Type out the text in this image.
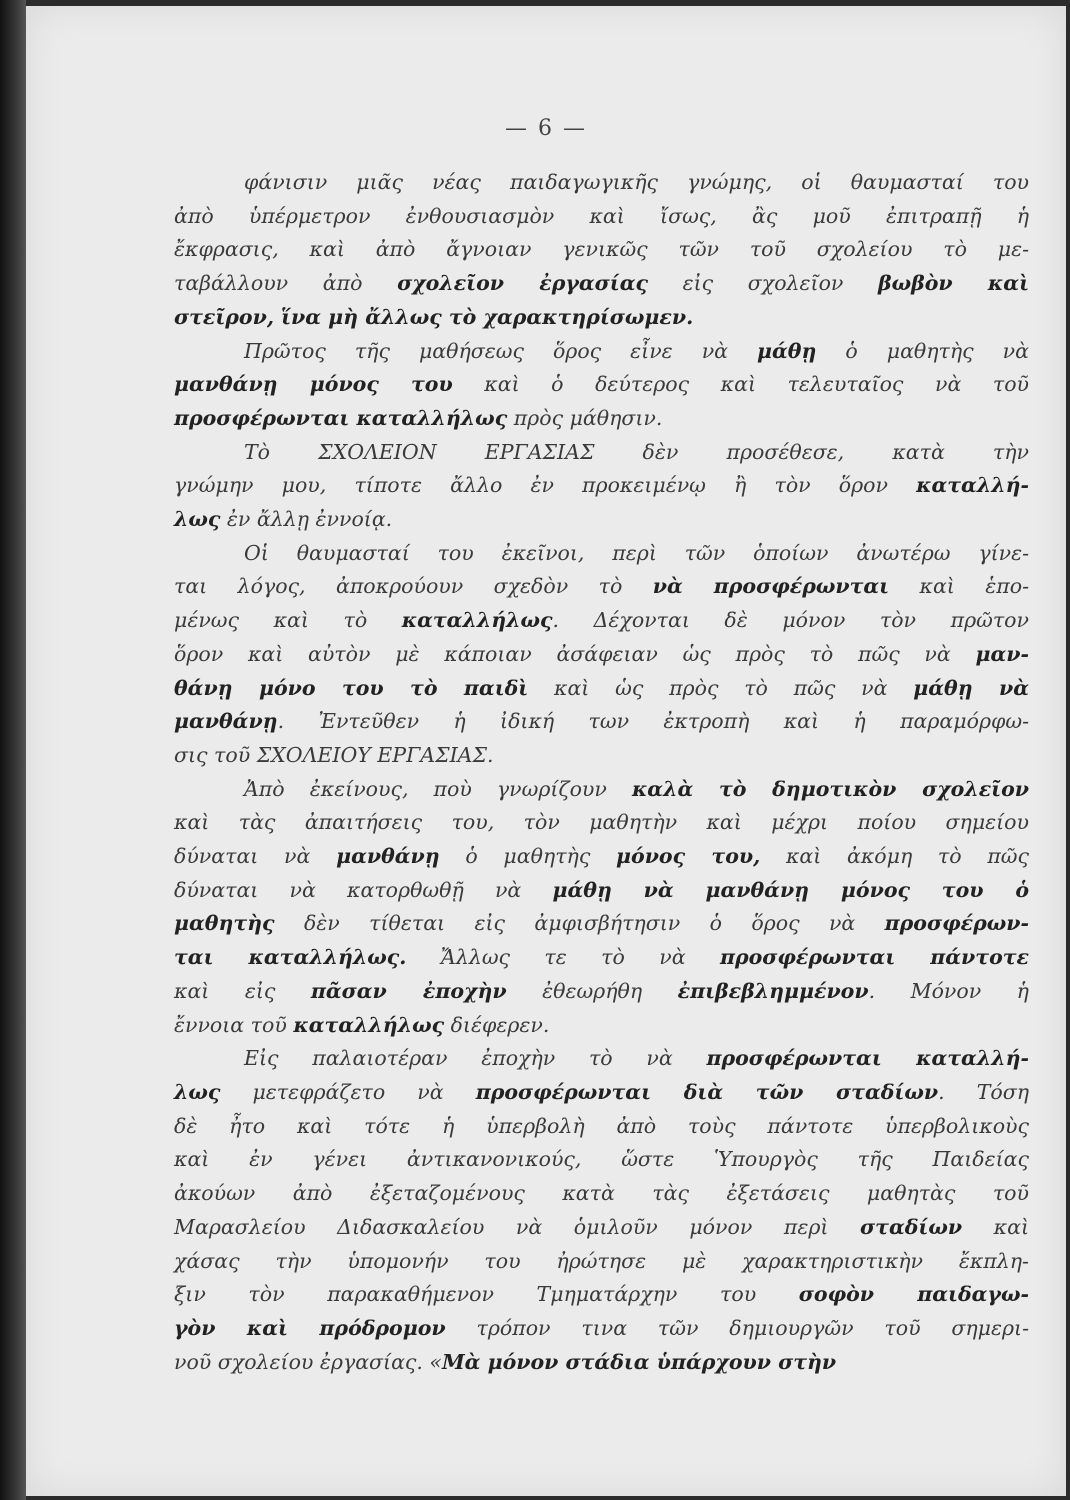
— 6 —
φάνισιν μιᾶς νέας παιδαγωγικῆς γνώμης, οἱ θαυμασταί του
ἀπὸ ὑπέρμετρον ἐνθουσιασμὸν καὶ ἴσως, ἂς μοῦ ἐπιτραπῇ ἡ
ἔκφρασις, καὶ ἀπὸ ἄγνοιαν γενικῶς τῶν τοῦ σχολείου τὸ με-
ταβάλλουν ἀπὸ σχολεῖον ἐργασίας εἰς σχολεῖον βωβὸν καὶ
στεῖρον, ἵνα μὴ ἄλλως τὸ χαρακτηρίσωμεν.
Πρῶτος τῆς μαθήσεως ὅρος εἶνε νὰ μάθῃ ὁ μαθητὴς νὰ
μανθάνῃ μόνος του καὶ ὁ δεύτερος καὶ τελευταῖος νὰ τοῦ
προσφέρωνται καταλλήλως πρὸς μάθησιν.
Τὸ ΣΧΟΛΕΙΟΝ ΕΡΓΑΣΙΑΣ δὲν προσέθεσε, κατὰ τὴν
γνώμην μου, τίποτε ἄλλο ἐν προκειμένῳ ἢ τὸν ὅρον καταλλή-
λως ἐν ἄλλῃ ἐννοίᾳ.
Οἱ θαυμασταί του ἐκεῖνοι, περὶ τῶν ὁποίων ἀνωτέρω γίνε-
ται λόγος, ἀποκρούουν σχεδὸν τὸ νὰ προσφέρωνται καὶ ἑπο-
μένως καὶ τὸ καταλλήλως. Δέχονται δὲ μόνον τὸν πρῶτον
ὅρον καὶ αὐτὸν μὲ κάποιαν ἀσάφειαν ὡς πρὸς τὸ πῶς νὰ μαν-
θάνῃ μόνο του τὸ παιδὶ καὶ ὡς πρὸς τὸ πῶς νὰ μάθῃ νὰ
μανθάνῃ. Ἐντεῦθεν ἡ ἰδική των ἐκτροπὴ καὶ ἡ παραμόρφω-
σις τοῦ ΣΧΟΛΕΙΟΥ ΕΡΓΑΣΙΑΣ.
Ἀπὸ ἐκείνους, ποὺ γνωρίζουν καλὰ τὸ δημοτικὸν σχολεῖον
καὶ τὰς ἀπαιτήσεις του, τὸν μαθητὴν καὶ μέχρι ποίου σημείου
δύναται νὰ μανθάνῃ ὁ μαθητὴς μόνος του, καὶ ἀκόμη τὸ πῶς
δύναται νὰ κατορθωθῇ νὰ μάθῃ νὰ μανθάνῃ μόνος του ὁ
μαθητὴς δὲν τίθεται εἰς ἀμφισβήτησιν ὁ ὅρος νὰ προσφέρων-
ται καταλλήλως. Ἄλλως τε τὸ νὰ προσφέρωνται πάντοτε
καὶ εἰς πᾶσαν ἐποχὴν ἐθεωρήθη ἐπιβεβλημμένον. Μόνον ἡ
ἔννοια τοῦ καταλλήλως διέφερεν.
Εἰς παλαιοτέραν ἐποχὴν τὸ νὰ προσφέρωνται καταλλή-
λως μετεφράζετο νὰ προσφέρωνται διὰ τῶν σταδίων. Τόση
δὲ ἦτο καὶ τότε ἡ ὑπερβολὴ ἀπὸ τοὺς πάντοτε ὑπερβολικοὺς
καὶ ἐν γένει ἀντικανονικούς, ὥστε Ὑπουργὸς τῆς Παιδείας
ἀκούων ἀπὸ ἐξεταζομένους κατὰ τὰς ἐξετάσεις μαθητὰς τοῦ
Μαρασλείου Διδασκαλείου νὰ ὁμιλοῦν μόνον περὶ σταδίων καὶ
χάσας τὴν ὑπομονήν του ἠρώτησε μὲ χαρακτηριστικὴν ἔκπλη-
ξιν τὸν παρακαθήμενον Τμηματάρχην του σοφὸν παιδαγω-
γὸν καὶ πρόδρομον τρόπον τινα τῶν δημιουργῶν τοῦ σημερι-
νοῦ σχολείου ἐργασίας. «Μὰ μόνον στάδια ὑπάρχουν στὴν
